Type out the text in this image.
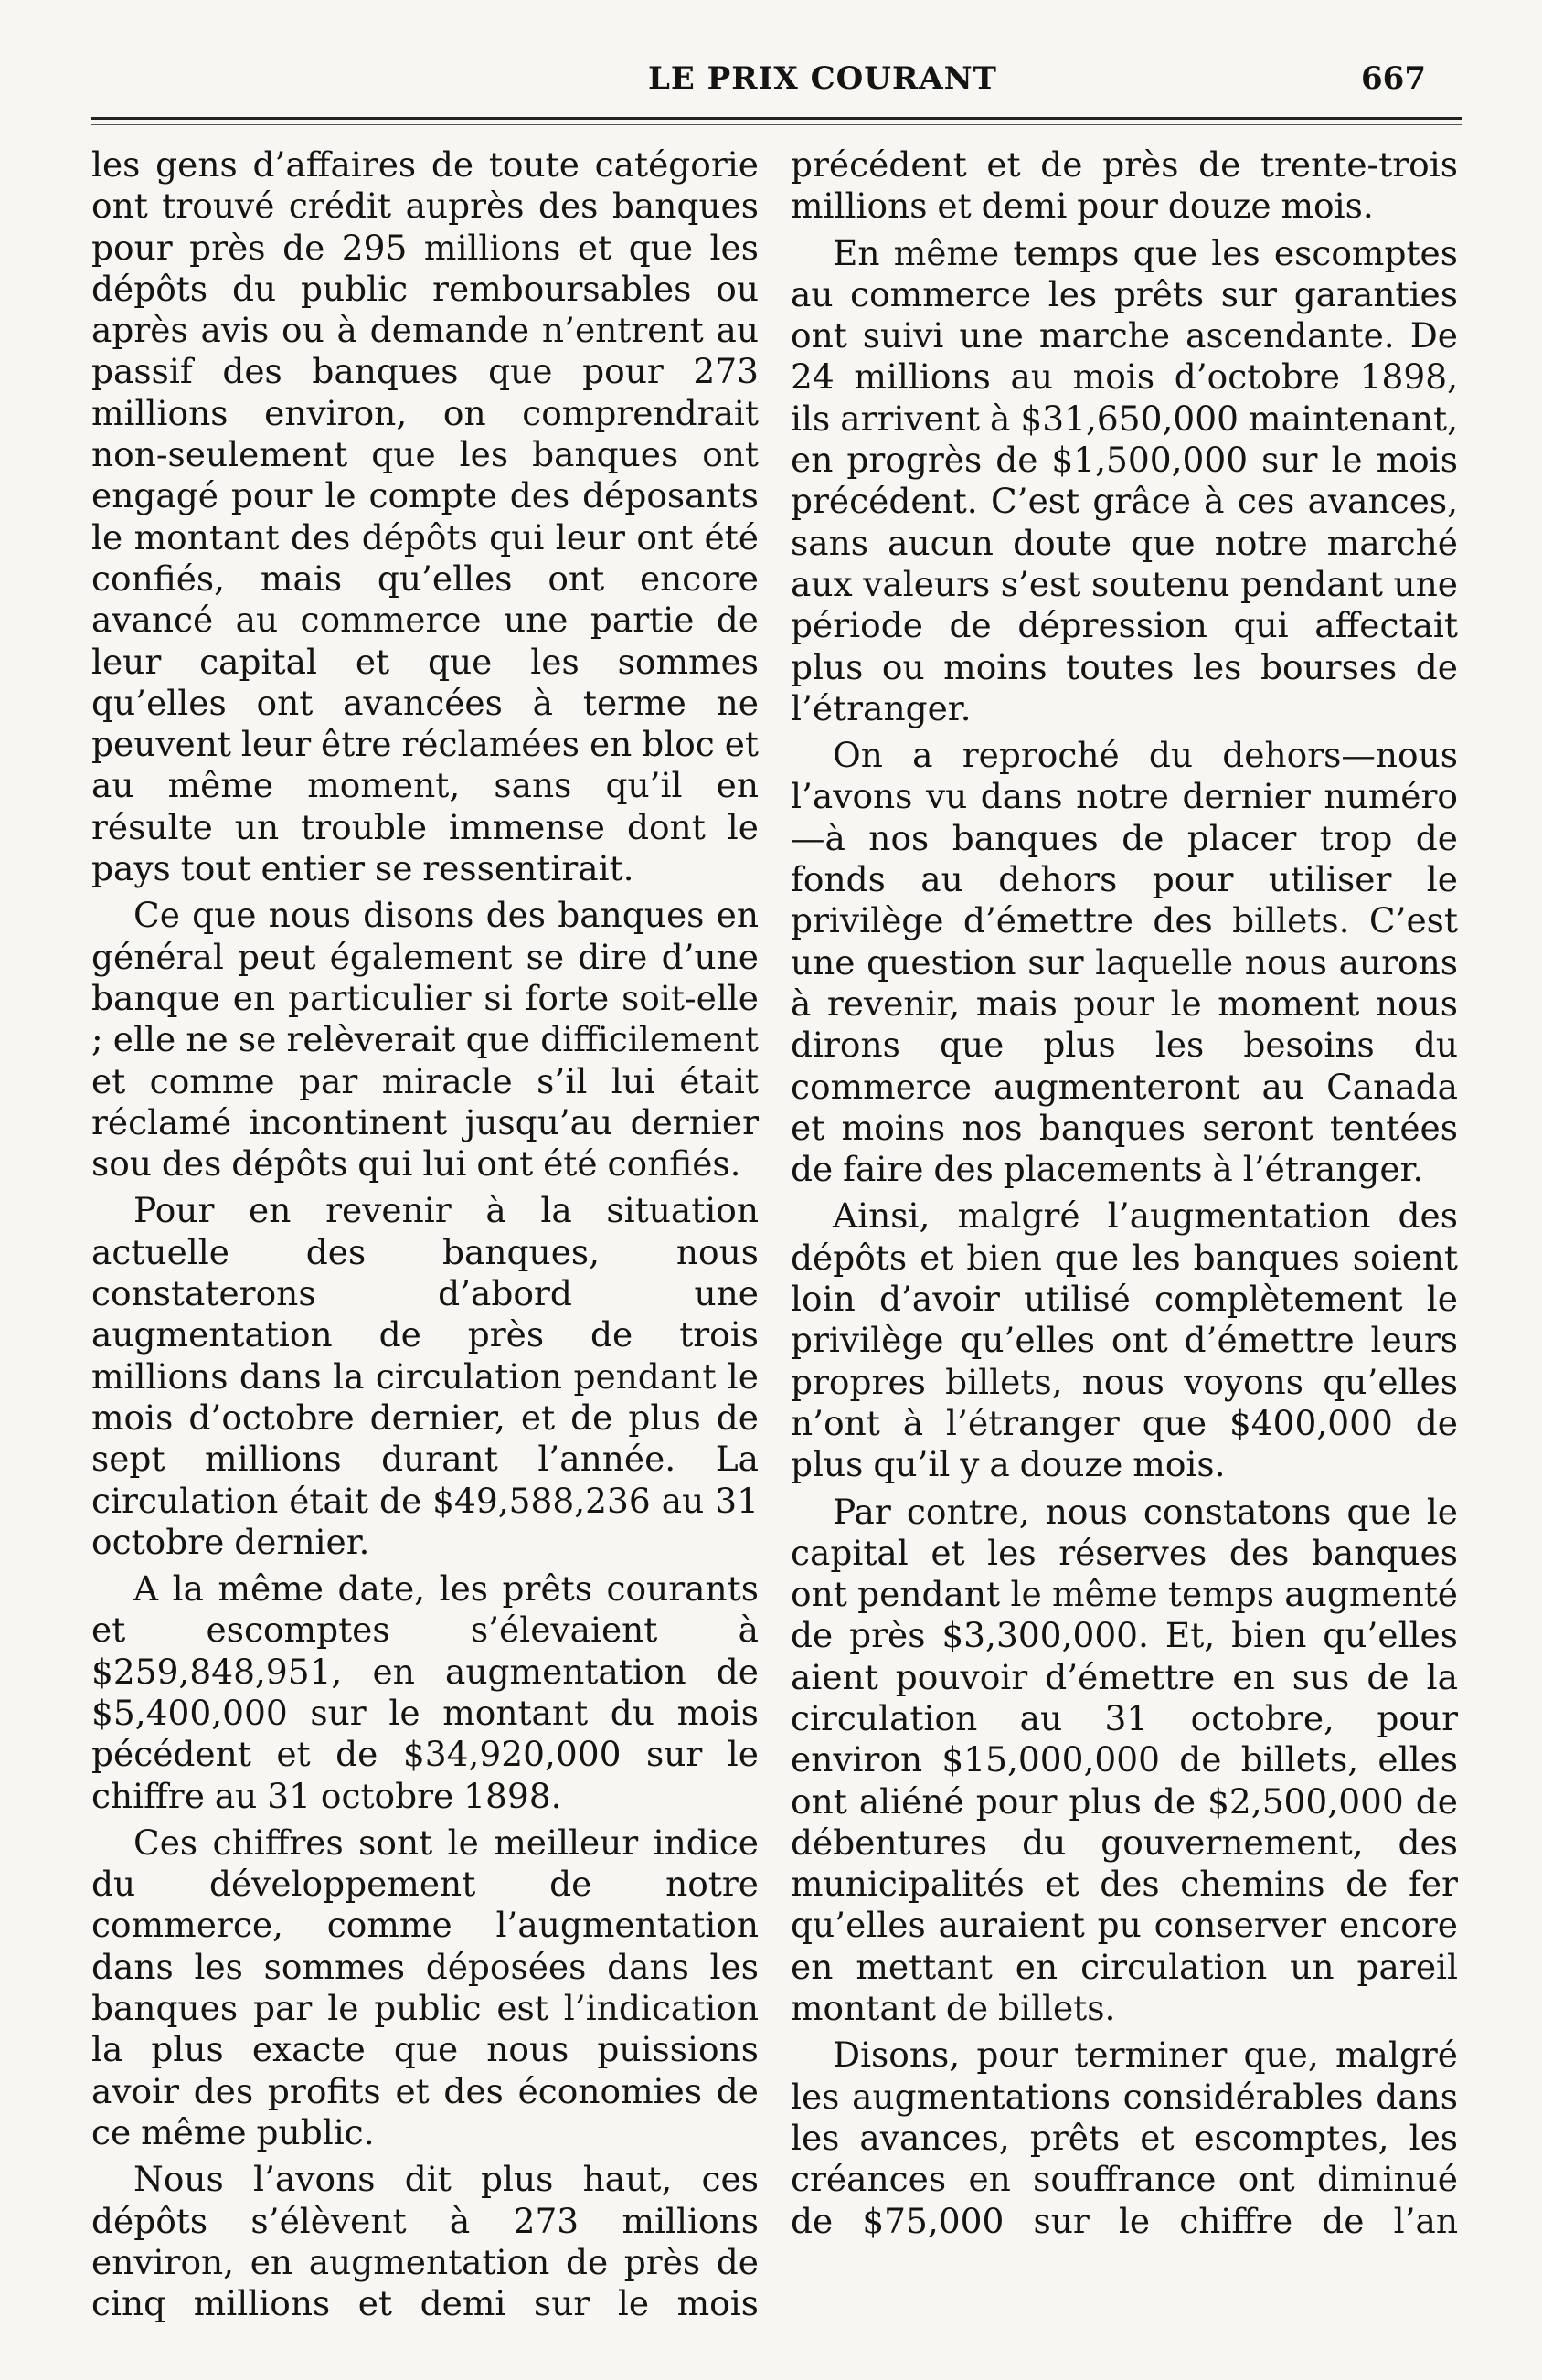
LE PRIX COURANT	667

les gens d’affaires de toute catégorie ont trouvé crédit auprès des banques pour près de 295 millions et que les dépôts du public remboursables ou après avis ou à demande n’entrent au passif des banques que pour 273 millions environ, on comprendrait non-seulement que les banques ont engagé pour le compte des déposants le montant des dépôts qui leur ont été confiés, mais qu’elles ont encore avancé au commerce une partie de leur capital et que les sommes qu’elles ont avancées à terme ne peuvent leur être réclamées en bloc et au même moment, sans qu’il en résulte un trouble immense dont le pays tout entier se ressentirait.

Ce que nous disons des banques en général peut également se dire d’une banque en particulier si forte soit-elle ; elle ne se relèverait que difficilement et comme par miracle s’il lui était réclamé incontinent jusqu’au dernier sou des dépôts qui lui ont été confiés.

Pour en revenir à la situation actuelle des banques, nous constaterons d’abord une augmentation de près de trois millions dans la circulation pendant le mois d’octobre dernier, et de plus de sept millions durant l’année. La circulation était de $49,588,236 au 31 octobre dernier.

A la même date, les prêts courants et escomptes s’élevaient à $259,848,951, en augmentation de $5,400,000 sur le montant du mois pécédent et de $34,920,000 sur le chiffre au 31 octobre 1898.

Ces chiffres sont le meilleur indice du développement de notre commerce, comme l’augmentation dans les sommes déposées dans les banques par le public est l’indication la plus exacte que nous puissions avoir des profits et des économies de ce même public.

Nous l’avons dit plus haut, ces dépôts s’élèvent à 273 millions environ, en augmentation de près de cinq millions et demi sur le mois

précédent et de près de trente-trois millions et demi pour douze mois.

En même temps que les escomptes au commerce les prêts sur garanties ont suivi une marche ascendante. De 24 millions au mois d’octobre 1898, ils arrivent à $31,650,000 maintenant, en progrès de $1,500,000 sur le mois précédent. C’est grâce à ces avances, sans aucun doute que notre marché aux valeurs s’est soutenu pendant une période de dépression qui affectait plus ou moins toutes les bourses de l’étranger.

On a reproché du dehors—nous l’avons vu dans notre dernier numéro—à nos banques de placer trop de fonds au dehors pour utiliser le privilège d’émettre des billets. C’est une question sur laquelle nous aurons à revenir, mais pour le moment nous dirons que plus les besoins du commerce augmenteront au Canada et moins nos banques seront tentées de faire des placements à l’étranger.

Ainsi, malgré l’augmentation des dépôts et bien que les banques soient loin d’avoir utilisé complètement le privilège qu’elles ont d’émettre leurs propres billets, nous voyons qu’elles n’ont à l’étranger que $400,000 de plus qu’il y a douze mois.

Par contre, nous constatons que le capital et les réserves des banques ont pendant le même temps augmenté de près $3,300,000. Et, bien qu’elles aient pouvoir d’émettre en sus de la circulation au 31 octobre, pour environ $15,000,000 de billets, elles ont aliéné pour plus de $2,500,000 de débentures du gouvernement, des municipalités et des chemins de fer qu’elles auraient pu conserver encore en mettant en circulation un pareil montant de billets.

Disons, pour terminer que, malgré les augmentations considérables dans les avances, prêts et escomptes, les créances en souffrance ont diminué de $75,000 sur le chiffre de l’an
